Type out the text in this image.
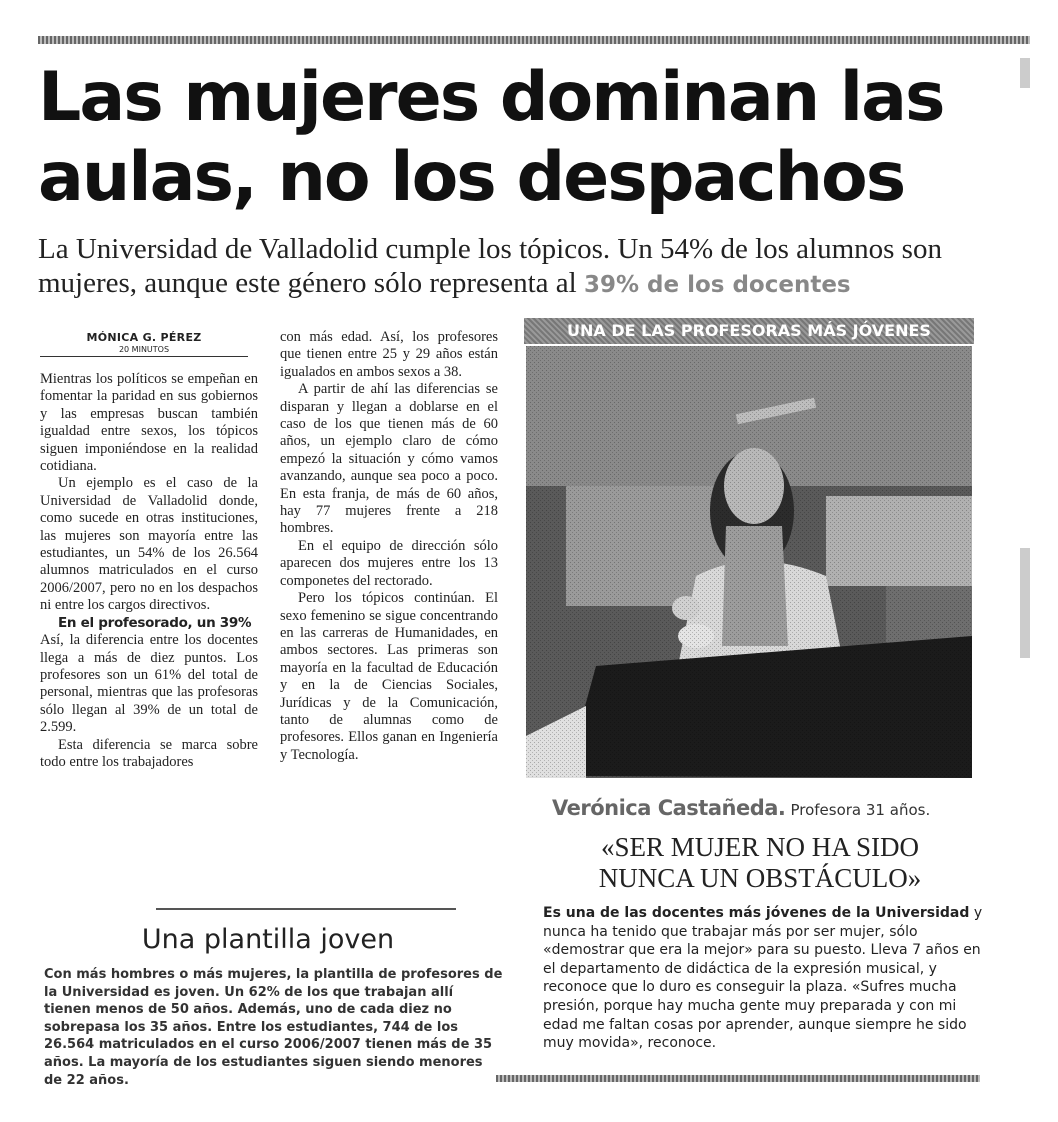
Las mujeres dominan las
aulas, no los despachos

La Universidad de Valladolid cumple los tópicos. Un 54% de los alumnos son mujeres, aunque este género sólo representa al 39% de los docentes

MÓNICA G. PÉREZ
20 MINUTOS

Mientras los políticos se empeñan en fomentar la paridad en sus gobiernos y las empresas buscan también igualdad entre sexos, los tópicos siguen imponiéndose en la realidad cotidiana.

Un ejemplo es el caso de la Universidad de Valladolid donde, como sucede en otras instituciones, las mujeres son mayoría entre las estudiantes, un 54% de los 26.564 alumnos matriculados en el curso 2006/2007, pero no en los despachos ni entre los cargos directivos.

En el profesorado, un 39%

Así, la diferencia entre los docentes llega a más de diez puntos. Los profesores son un 61% del total de personal, mientras que las profesoras sólo llegan al 39% de un total de 2.599.

Esta diferencia se marca sobre todo entre los trabajadores

con más edad. Así, los profesores que tienen entre 25 y 29 años están igualados en ambos sexos a 38.

A partir de ahí las diferencias se disparan y llegan a doblarse en el caso de los que tienen más de 60 años, un ejemplo claro de cómo empezó la situación y cómo vamos avanzando, aunque sea poco a poco. En esta franja, de más de 60 años, hay 77 mujeres frente a 218 hombres.

En el equipo de dirección sólo aparecen dos mujeres entre los 13 componetes del rectorado.

Pero los tópicos continúan. El sexo femenino se sigue concentrando en las carreras de Humanidades, en ambos sectores. Las primeras son mayoría en la facultad de Educación y en la de Ciencias Sociales, Jurídicas y de la Comunicación, tanto de alumnas como de profesores. Ellos ganan en Ingeniería y Tecnología.

Una plantilla joven

Con más hombres o más mujeres, la plantilla de profesores de la Universidad es joven. Un 62% de los que trabajan allí tienen menos de 50 años. Además, uno de cada diez no sobrepasa los 35 años. Entre los estudiantes, 744 de los 26.564 matriculados en el curso 2006/2007 tienen más de 35 años. La mayoría de los estudiantes siguen siendo menores de 22 años.

UNA DE LAS PROFESORAS MÁS JÓVENES
Verónica Castañeda. Profesora 31 años.

«SER MUJER NO HA SIDO
NUNCA UN OBSTÁCULO»

Es una de las docentes más jóvenes de la Universidad y nunca ha tenido que trabajar más por ser mujer, sólo «demostrar que era la mejor» para su puesto. Lleva 7 años en el departamento de didáctica de la expresión musical, y reconoce que lo duro es conseguir la plaza. «Sufres mucha presión, porque hay mucha gente muy preparada y con mi edad me faltan cosas por aprender, aunque siempre he sido muy movida», reconoce.
